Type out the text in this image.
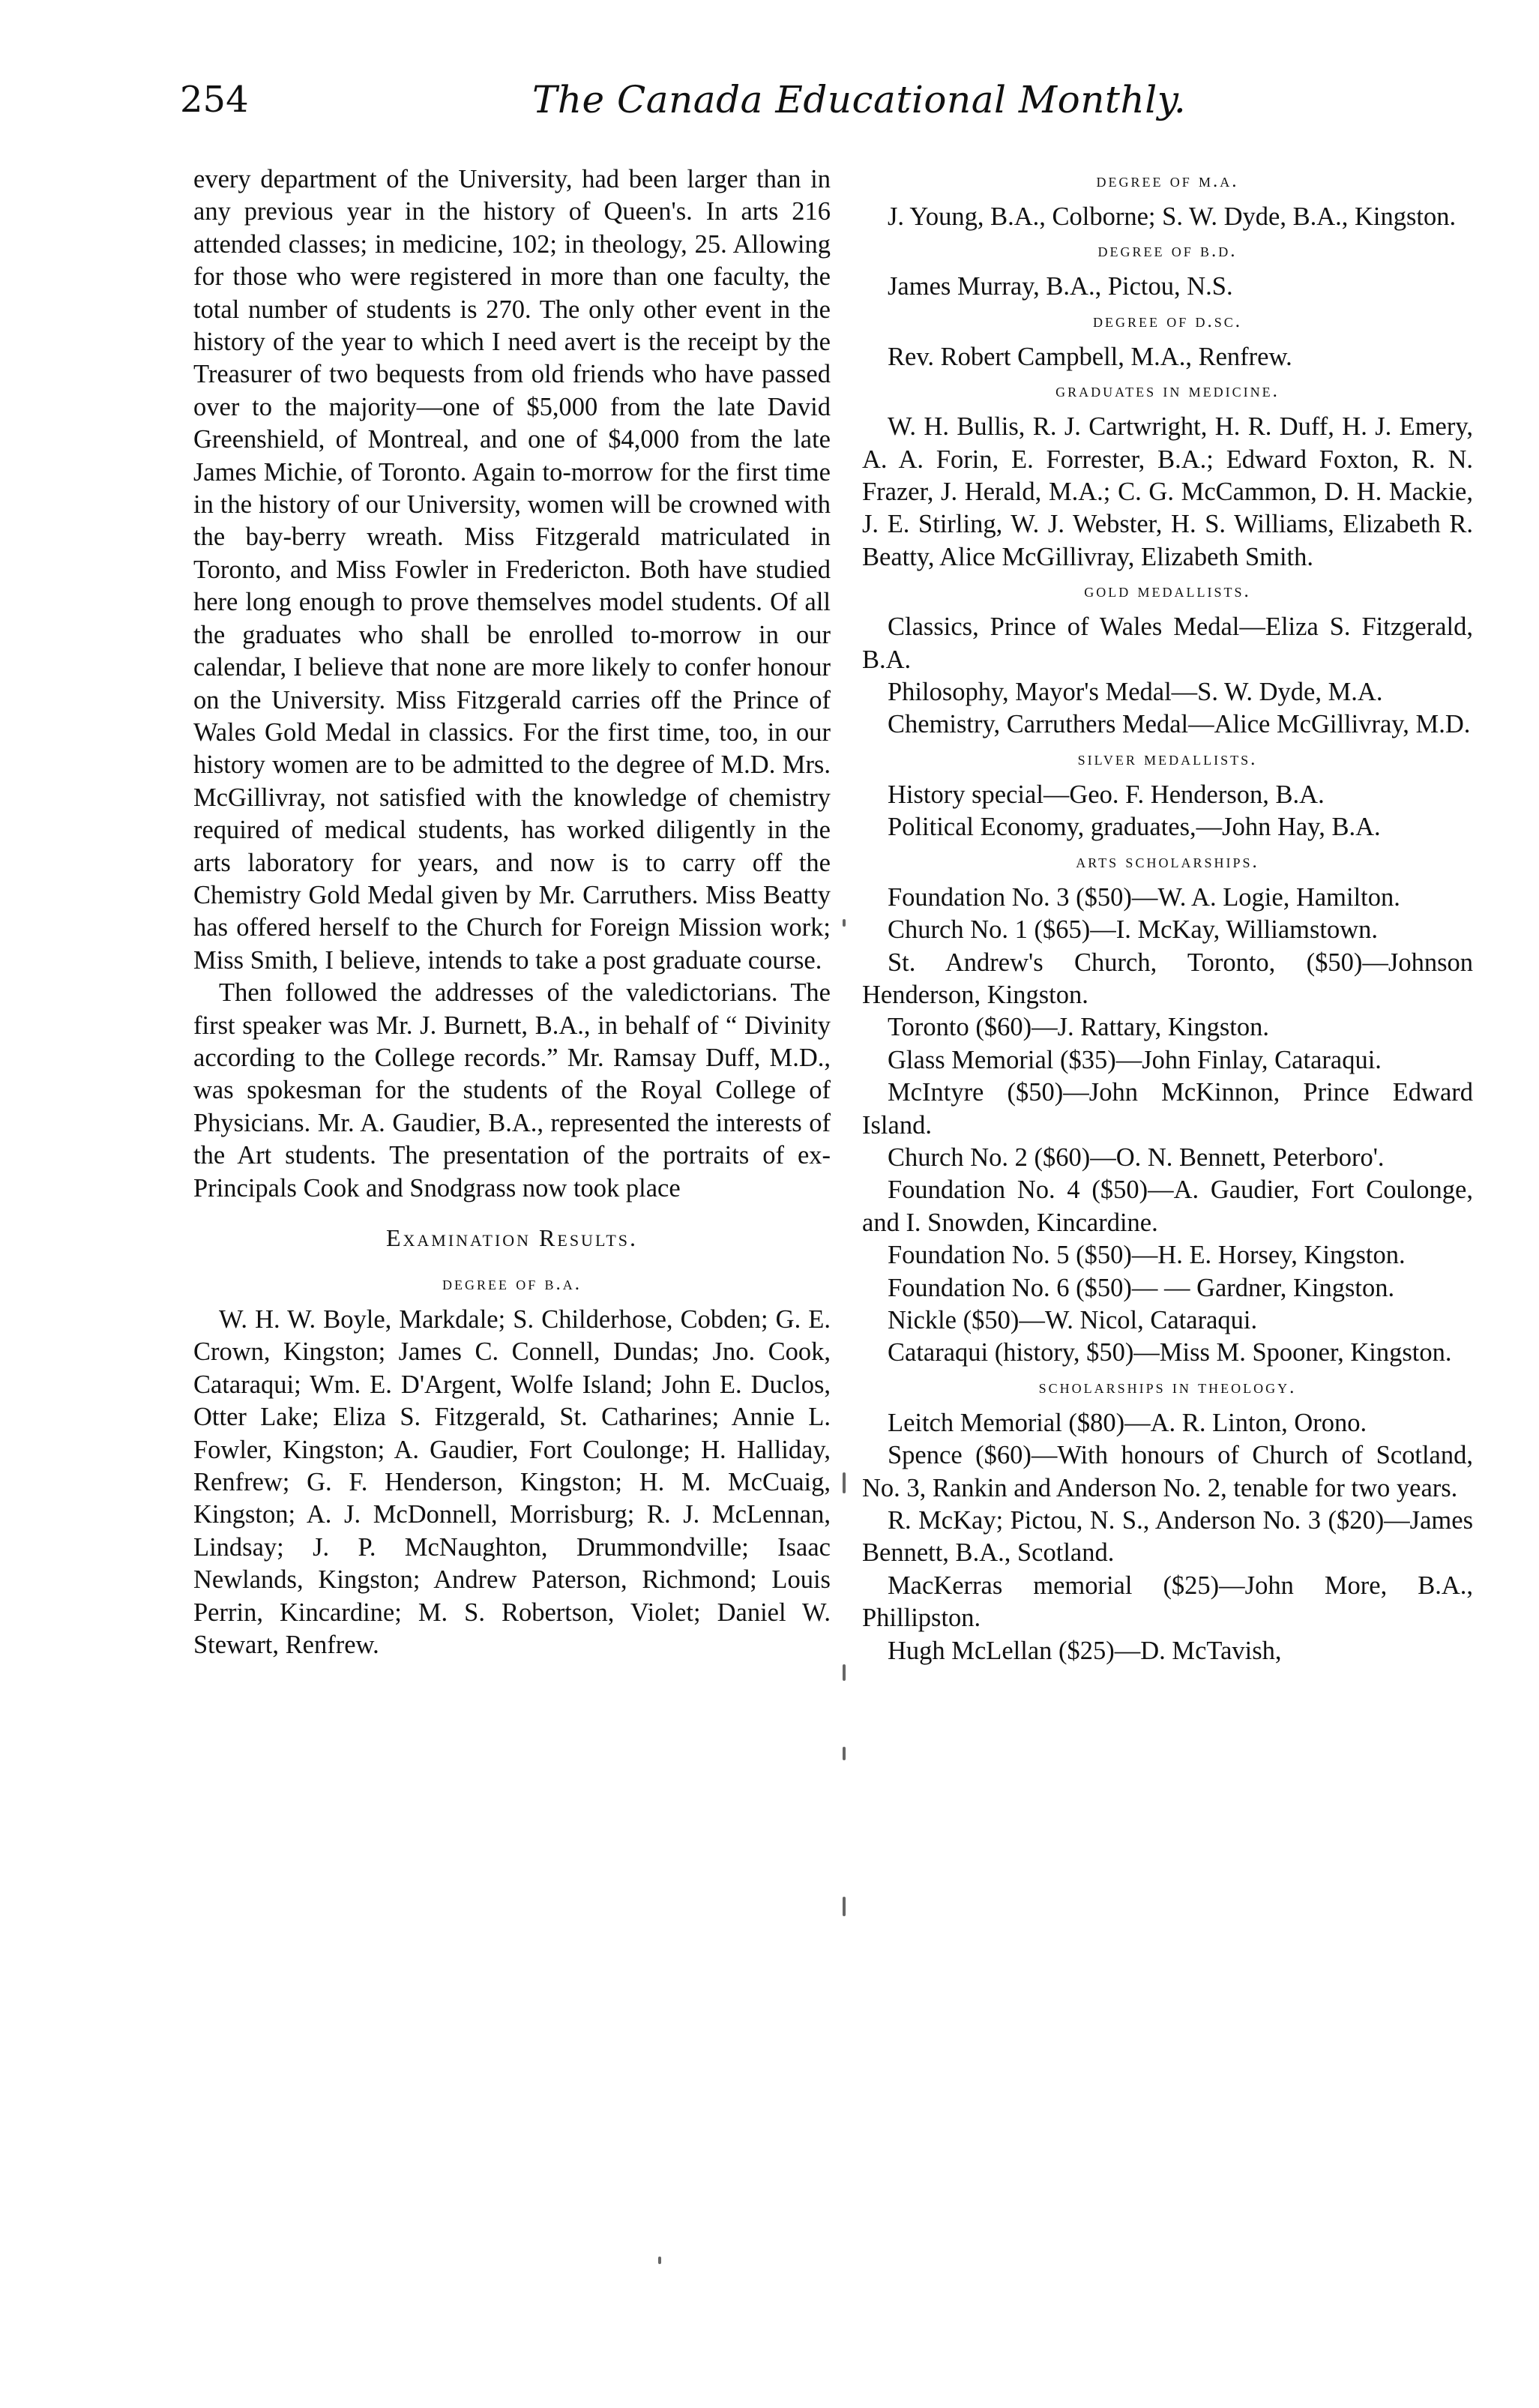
254	The Canada Educational Monthly.

every department of the University, had been larger than in any previous year in the history of Queen's. In arts 216 attended classes; in medicine, 102; in theology, 25. Allowing for those who were registered in more than one faculty, the total number of students is 270. The only other event in the history of the year to which I need avert is the receipt by the Treasurer of two bequests from old friends who have passed over to the majority—one of $5,000 from the late David Greenshield, of Montreal, and one of $4,000 from the late James Michie, of Toronto. Again to-morrow for the first time in the history of our University, women will be crowned with the bay-berry wreath. Miss Fitzgerald matriculated in Toronto, and Miss Fowler in Fredericton. Both have studied here long enough to prove themselves model students. Of all the graduates who shall be enrolled to-morrow in our calendar, I believe that none are more likely to confer honour on the University. Miss Fitzgerald carries off the Prince of Wales Gold Medal in classics. For the first time, too, in our history women are to be admitted to the degree of M.D. Mrs. McGillivray, not satisfied with the knowledge of chemistry required of medical students, has worked diligently in the arts laboratory for years, and now is to carry off the Chemistry Gold Medal given by Mr. Carruthers. Miss Beatty has offered herself to the Church for Foreign Mission work; Miss Smith, I believe, intends to take a post graduate course.

Then followed the addresses of the valedictorians. The first speaker was Mr. J. Burnett, B.A., in behalf of “ Divinity according to the College records.” Mr. Ramsay Duff, M.D., was spokesman for the students of the Royal College of Physicians. Mr. A. Gaudier, B.A., represented the interests of the Art students. The presentation of the portraits of ex-Principals Cook and Snodgrass now took place

Examination Results.
degree of b.a.

W. H. W. Boyle, Markdale; S. Childerhose, Cobden; G. E. Crown, Kingston; James C. Connell, Dundas; Jno. Cook, Cataraqui; Wm. E. D'Argent, Wolfe Island; John E. Duclos, Otter Lake; Eliza S. Fitzgerald, St. Catharines; Annie L. Fowler, Kingston; A. Gaudier, Fort Coulonge; H. Halliday, Renfrew; G. F. Henderson, Kingston; H. M. McCuaig, Kingston; A. J. McDonnell, Morrisburg; R. J. McLennan, Lindsay; J. P. McNaughton, Drummondville; Isaac Newlands, Kingston; Andrew Paterson, Richmond; Louis Perrin, Kincardine; M. S. Robertson, Violet; Daniel W. Stewart, Renfrew.

degree of m.a.

J. Young, B.A., Colborne; S. W. Dyde, B.A., Kingston.

degree of b.d.

James Murray, B.A., Pictou, N.S.

degree of d.sc.

Rev. Robert Campbell, M.A., Renfrew.

graduates in medicine.

W. H. Bullis, R. J. Cartwright, H. R. Duff, H. J. Emery, A. A. Forin, E. Forrester, B.A.; Edward Foxton, R. N. Frazer, J. Herald, M.A.; C. G. McCammon, D. H. Mackie, J. E. Stirling, W. J. Webster, H. S. Williams, Elizabeth R. Beatty, Alice McGillivray, Elizabeth Smith.

gold medallists.

Classics, Prince of Wales Medal—Eliza S. Fitzgerald, B.A.

Philosophy, Mayor's Medal—S. W. Dyde, M.A.

Chemistry, Carruthers Medal—Alice McGillivray, M.D.

silver medallists.

History special—Geo. F. Henderson, B.A.

Political Economy, graduates,—John Hay, B.A.

arts scholarships.

Foundation No. 3 ($50)—W. A. Logie, Hamilton.

Church No. 1 ($65)—I. McKay, Williamstown.

St. Andrew's Church, Toronto, ($50)—Johnson Henderson, Kingston.

Toronto ($60)—J. Rattary, Kingston.

Glass Memorial ($35)—John Finlay, Cataraqui.

McIntyre ($50)—John McKinnon, Prince Edward Island.

Church No. 2 ($60)—O. N. Bennett, Peterboro'.

Foundation No. 4 ($50)—A. Gaudier, Fort Coulonge, and I. Snowden, Kincardine.

Foundation No. 5 ($50)—H. E. Horsey, Kingston.

Foundation No. 6 ($50)— — Gardner, Kingston.

Nickle ($50)—W. Nicol, Cataraqui.

Cataraqui (history, $50)—Miss M. Spooner, Kingston.

scholarships in theology.

Leitch Memorial ($80)—A. R. Linton, Orono.

Spence ($60)—With honours of Church of Scotland, No. 3, Rankin and Anderson No. 2, tenable for two years.

R. McKay; Pictou, N. S., Anderson No. 3 ($20)—James Bennett, B.A., Scotland.

MacKerras memorial ($25)—John More, B.A., Phillipston.

Hugh McLellan ($25)—D. McTavish,
